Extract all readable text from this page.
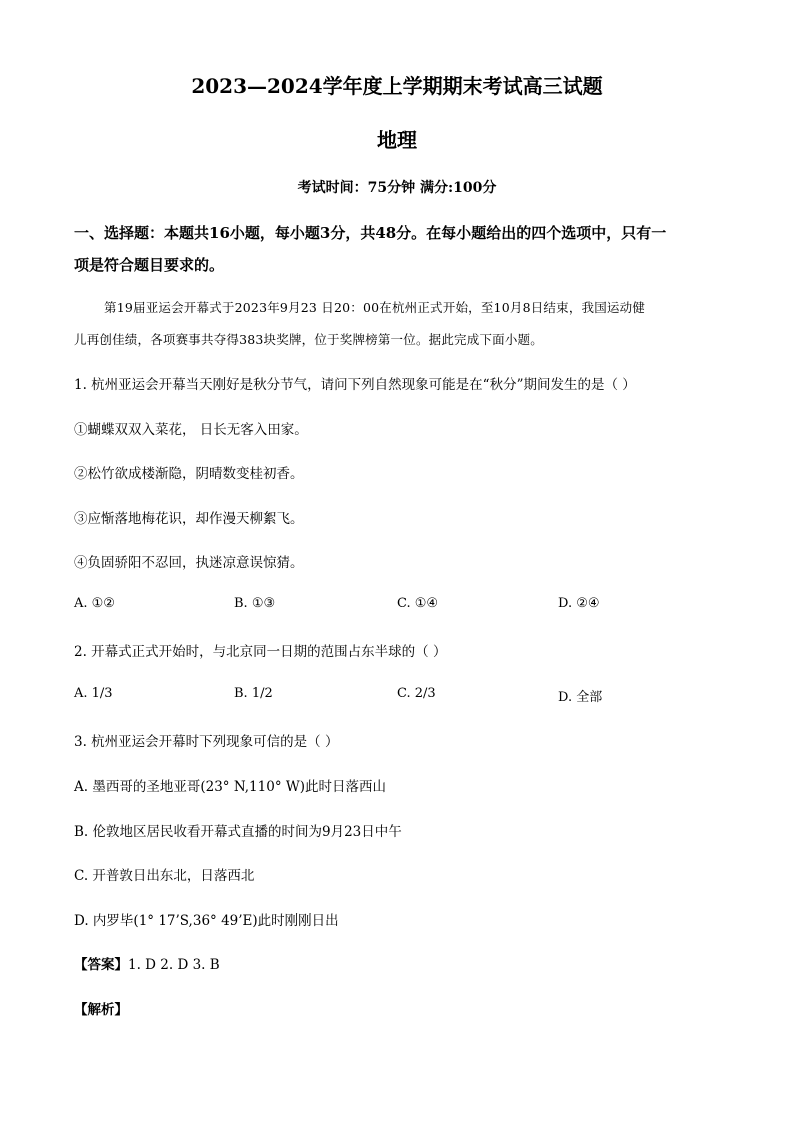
2023—2024学年度上学期期末考试高三试题
地理
考试时间：75分钟 满分:100分
一、选择题：本题共16小题，每小题3分，共48分。在每小题给出的四个选项中，只有一
项是符合题目要求的。
第19届亚运会开幕式于2023年9月23 日20：00在杭州正式开始，至10月8日结束，我国运动健
儿再创佳绩，各项赛事共夺得383块奖牌，位于奖牌榜第一位。据此完成下面小题。
1. 杭州亚运会开幕当天刚好是秋分节气，请问下列自然现象可能是在“秋分”期间发生的是（ ）
①蝴蝶双双入菜花， 日长无客入田家。
②松竹欲成楼渐隐，阴晴数变桂初香。
③应惭落地梅花识，却作漫天柳絮飞。
④负固骄阳不忍回，执迷凉意误惊猜。
A. ①②	B. ①③	C. ①④	D. ②④
2. 开幕式正式开始时，与北京同一日期的范围占东半球的（ ）
A. 1/3	B. 1/2	C. 2/3	D. 全部
3. 杭州亚运会开幕时下列现象可信的是（ ）
A. 墨西哥的圣地亚哥(23° N,110° W)此时日落西山
B. 伦敦地区居民收看开幕式直播的时间为9月23日中午
C. 开普敦日出东北，日落西北
D. 内罗毕(1° 17’S,36° 49’E)此时刚刚日出
【答案】1. D 2. D 3. B
【解析】
